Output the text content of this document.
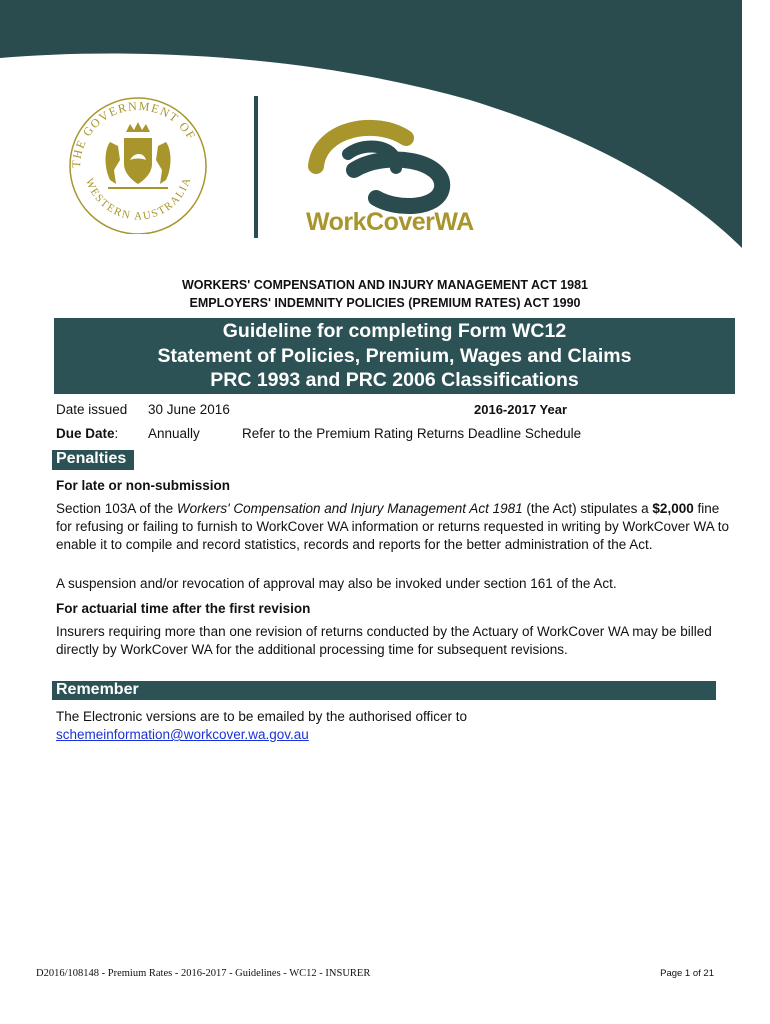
THE GOVERNMENT OF
WESTERN AUSTRALIA
WorkCoverWA
WORKERS' COMPENSATION AND INJURY MANAGEMENT ACT 1981
EMPLOYERS' INDEMNITY POLICIES (PREMIUM RATES) ACT 1990
Guideline for completing Form WC12
Statement of Policies, Premium, Wages and Claims
PRC 1993 and PRC 2006 Classifications
Date issued 30 June 2016	2016-2017 Year
Due Date: Annually	Refer to the Premium Rating Returns Deadline Schedule
Penalties
For late or non-submission
Section 103A of the Workers' Compensation and Injury Management Act 1981 (the Act) stipulates a $2,000 fine for refusing or failing to furnish to WorkCover WA information or returns requested in writing by WorkCover WA to enable it to compile and record statistics, records and reports for the better administration of the Act.
A suspension and/or revocation of approval may also be invoked under section 161 of the Act.
For actuarial time after the first revision
Insurers requiring more than one revision of returns conducted by the Actuary of WorkCover WA may be billed directly by WorkCover WA for the additional processing time for subsequent revisions.
Remember
The Electronic versions are to be emailed by the authorised officer to
schemeinformation@workcover.wa.gov.au
D2016/108148 - Premium Rates - 2016-2017 - Guidelines - WC12 - INSURER	Page 1 of 21
